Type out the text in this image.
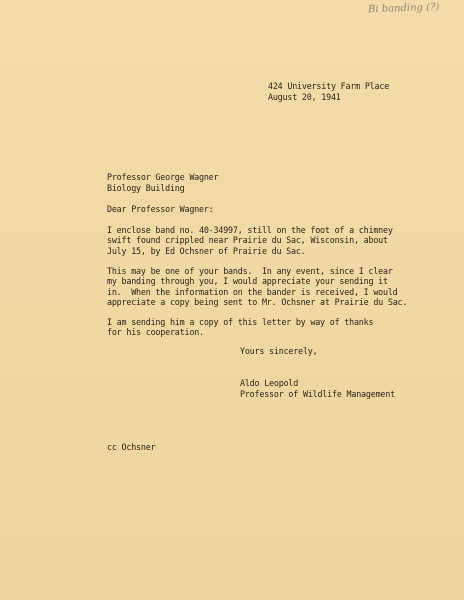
Bi banding (?)
424 University Farm Place
August 20, 1941
Professor George Wagner
Biology Building
Dear Professor Wagner:
I enclose band no. 40-34997, still on the foot of a chimney
swift found crippled near Prairie du Sac, Wisconsin, about
July 15, by Ed Ochsner of Prairie du Sac.
This may be one of your bands.  In any event, since I clear
my banding through you, I would appreciate your sending it
in.  When the information on the bander is received, I would
appreciate a copy being sent to Mr. Ochsner at Prairie du Sac.
I am sending him a copy of this letter by way of thanks
for his cooperation.
Yours sincerely,
Aldo Leopold
Professor of Wildlife Management
cc Ochsner
